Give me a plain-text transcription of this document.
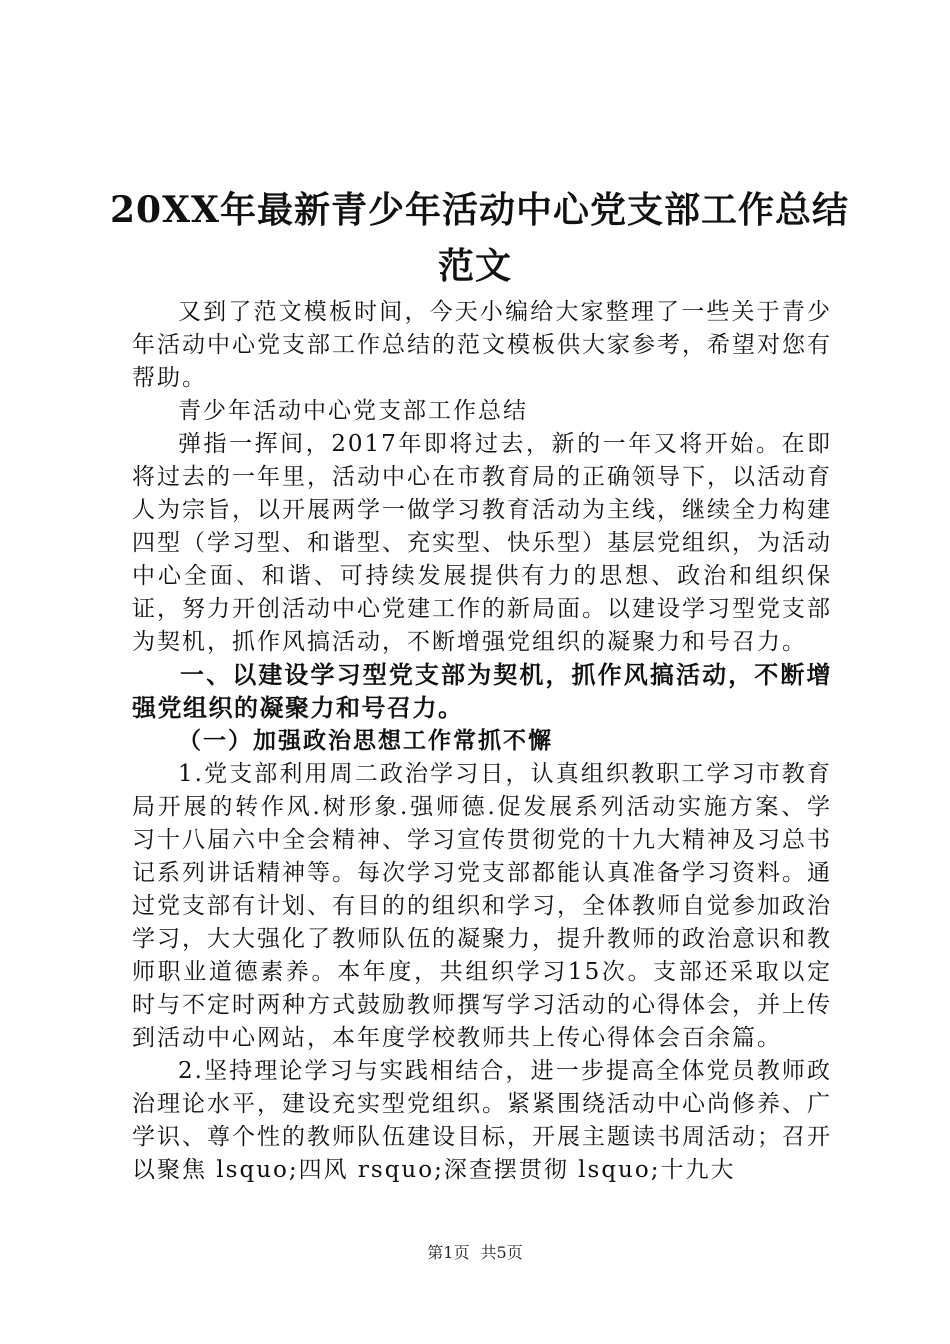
20XX年最新青少年活动中心党支部工作总结
范文

又到了范文模板时间，今天小编给大家整理了一些关于青少年活动中心党支部工作总结的范文模板供大家参考，希望对您有帮助。

青少年活动中心党支部工作总结

弹指一挥间，2017年即将过去，新的一年又将开始。在即将过去的一年里，活动中心在市教育局的正确领导下，以活动育人为宗旨，以开展两学一做学习教育活动为主线，继续全力构建四型（学习型、和谐型、充实型、快乐型）基层党组织，为活动中心全面、和谐、可持续发展提供有力的思想、政治和组织保证，努力开创活动中心党建工作的新局面。以建设学习型党支部为契机，抓作风搞活动，不断增强党组织的凝聚力和号召力。

一、以建设学习型党支部为契机，抓作风搞活动，不断增强党组织的凝聚力和号召力。

（一）加强政治思想工作常抓不懈

1.党支部利用周二政治学习日，认真组织教职工学习市教育局开展的转作风.树形象.强师德.促发展系列活动实施方案、学习十八届六中全会精神、学习宣传贯彻党的十九大精神及习总书记系列讲话精神等。每次学习党支部都能认真准备学习资料。通过党支部有计划、有目的的组织和学习，全体教师自觉参加政治学习，大大强化了教师队伍的凝聚力，提升教师的政治意识和教师职业道德素养。本年度，共组织学习15次。支部还采取以定时与不定时两种方式鼓励教师撰写学习活动的心得体会，并上传到活动中心网站，本年度学校教师共上传心得体会百余篇。

2.坚持理论学习与实践相结合，进一步提高全体党员教师政治理论水平，建设充实型党组织。紧紧围绕活动中心尚修养、广学识、尊个性的教师队伍建设目标，开展主题读书周活动；召开以聚焦 lsquo;四风 rsquo;深查摆贯彻 lsquo;十九大

第1页 共5页
